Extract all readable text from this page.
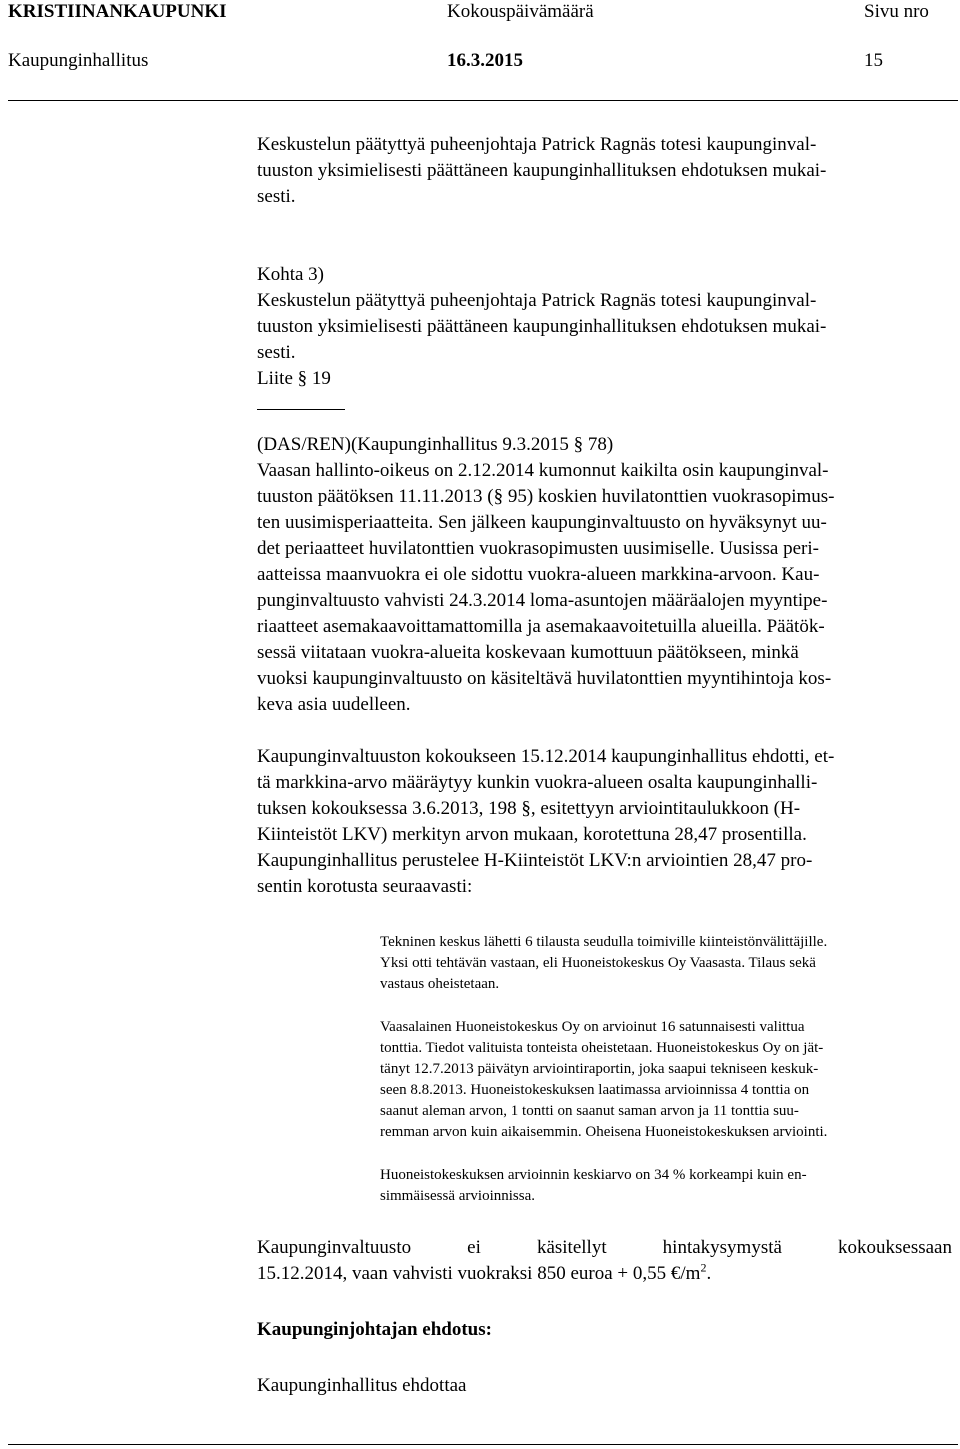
KRISTIINANKAUPUNKI	Kokouspäivämäärä	Sivu nro
Kaupunginhallitus	16.3.2015	15

Keskustelun päätyttyä puheenjohtaja Patrick Ragnäs totesi kaupunginval-
tuuston yksimielisesti päättäneen kaupunginhallituksen ehdotuksen mukai-
sesti.

Kohta 3)
Keskustelun päätyttyä puheenjohtaja Patrick Ragnäs totesi kaupunginval-
tuuston yksimielisesti päättäneen kaupunginhallituksen ehdotuksen mukai-
sesti.
Liite § 19

(DAS/REN)(Kaupunginhallitus 9.3.2015 § 78)
Vaasan hallinto-oikeus on 2.12.2014 kumonnut kaikilta osin kaupunginval-
tuuston päätöksen 11.11.2013 (§ 95) koskien huvilatonttien vuokrasopimus-
ten uusimisperiaatteita. Sen jälkeen kaupunginvaltuusto on hyväksynyt uu-
det periaatteet huvilatonttien vuokrasopimusten uusimiselle. Uusissa peri-
aatteissa maanvuokra ei ole sidottu vuokra-alueen markkina-arvoon. Kau-
punginvaltuusto vahvisti 24.3.2014 loma-asuntojen määräalojen myyntipe-
riaatteet asemakaavoittamattomilla ja asemakaavoitetuilla alueilla. Päätök-
sessä viitataan vuokra-alueita koskevaan kumottuun päätökseen, minkä
vuoksi kaupunginvaltuusto on käsiteltävä huvilatonttien myyntihintoja kos-
keva asia uudelleen.

Kaupunginvaltuuston kokoukseen 15.12.2014 kaupunginhallitus ehdotti, et-
tä markkina-arvo määräytyy kunkin vuokra-alueen osalta kaupunginhalli-
tuksen kokouksessa 3.6.2013, 198 §, esitettyyn arviointitaulukkoon (H-
Kiinteistöt LKV) merkityn arvon mukaan, korotettuna 28,47 prosentilla.
Kaupunginhallitus perustelee H-Kiinteistöt LKV:n arviointien 28,47 pro-
sentin korotusta seuraavasti:

Tekninen keskus lähetti 6 tilausta seudulla toimiville kiinteistönvälittäjille.
Yksi otti tehtävän vastaan, eli Huoneistokeskus Oy Vaasasta. Tilaus sekä
vastaus oheistetaan.

Vaasalainen Huoneistokeskus Oy on arvioinut 16 satunnaisesti valittua
tonttia. Tiedot valituista tonteista oheistetaan. Huoneistokeskus Oy on jät-
tänyt 12.7.2013 päivätyn arviointiraportin, joka saapui tekniseen keskuk-
seen 8.8.2013. Huoneistokeskuksen laatimassa arvioinnissa 4 tonttia on
saanut aleman arvon, 1 tontti on saanut saman arvon ja 11 tonttia suu-
remman arvon kuin aikaisemmin. Oheisena Huoneistokeskuksen arviointi.

Huoneistokeskuksen arvioinnin keskiarvo on 34 % korkeampi kuin en-
simmäisessä arvioinnissa.

Kaupunginvaltuusto ei käsitellyt hintakysymystä kokouksessaan
15.12.2014, vaan vahvisti vuokraksi 850 euroa + 0,55 $€/m^2$.

Kaupunginjohtajan ehdotus:

Kaupunginhallitus ehdottaa
